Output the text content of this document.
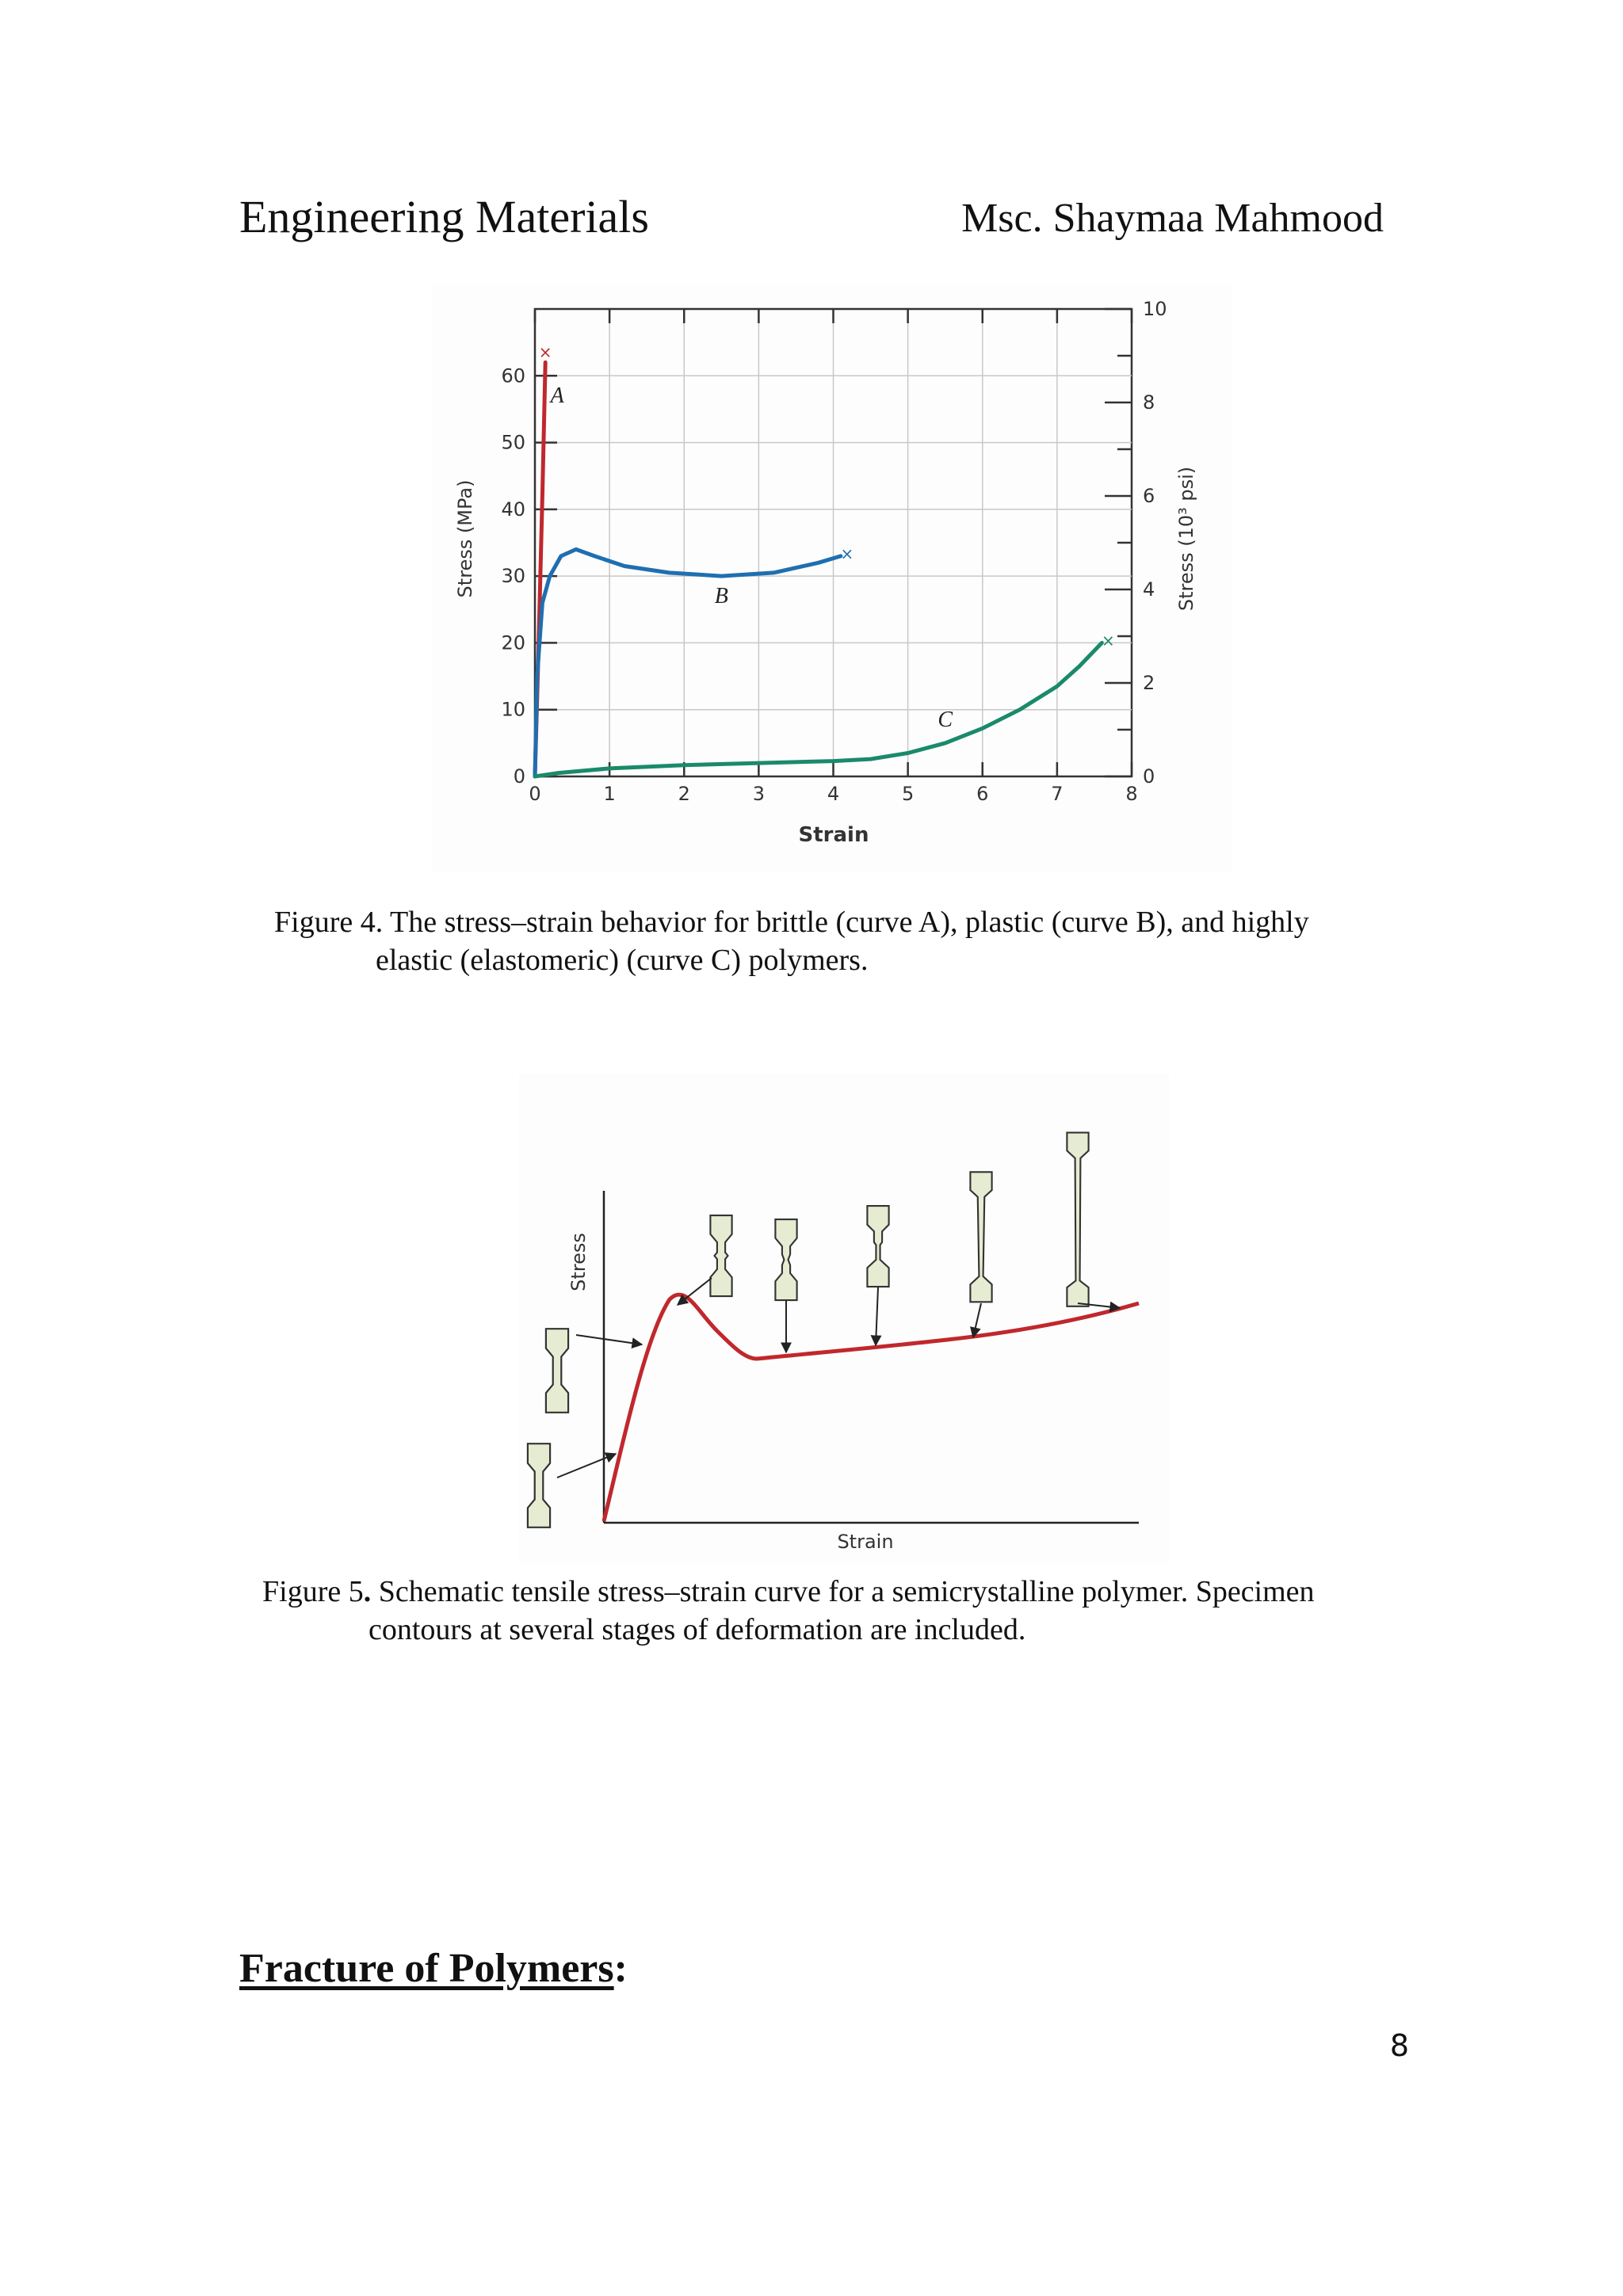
Engineering Materials	Msc. Shaymaa Mahmood
0	1	2	3	4	5	6	7	8
0
10
20
30
40
50
60
0
2
4
6
8
10
×
A
×
B
×
C
Strain
Stress (MPa)	Stress (10³ psi)
Figure 4. The stress–strain behavior for brittle (curve A), plastic (curve B), and highly
elastic (elastomeric) (curve C) polymers.
Strain
Stress
Figure 5. Schematic tensile stress–strain curve for a semicrystalline polymer. Specimen
contours at several stages of deformation are included.
Fracture of Polymers:
8
